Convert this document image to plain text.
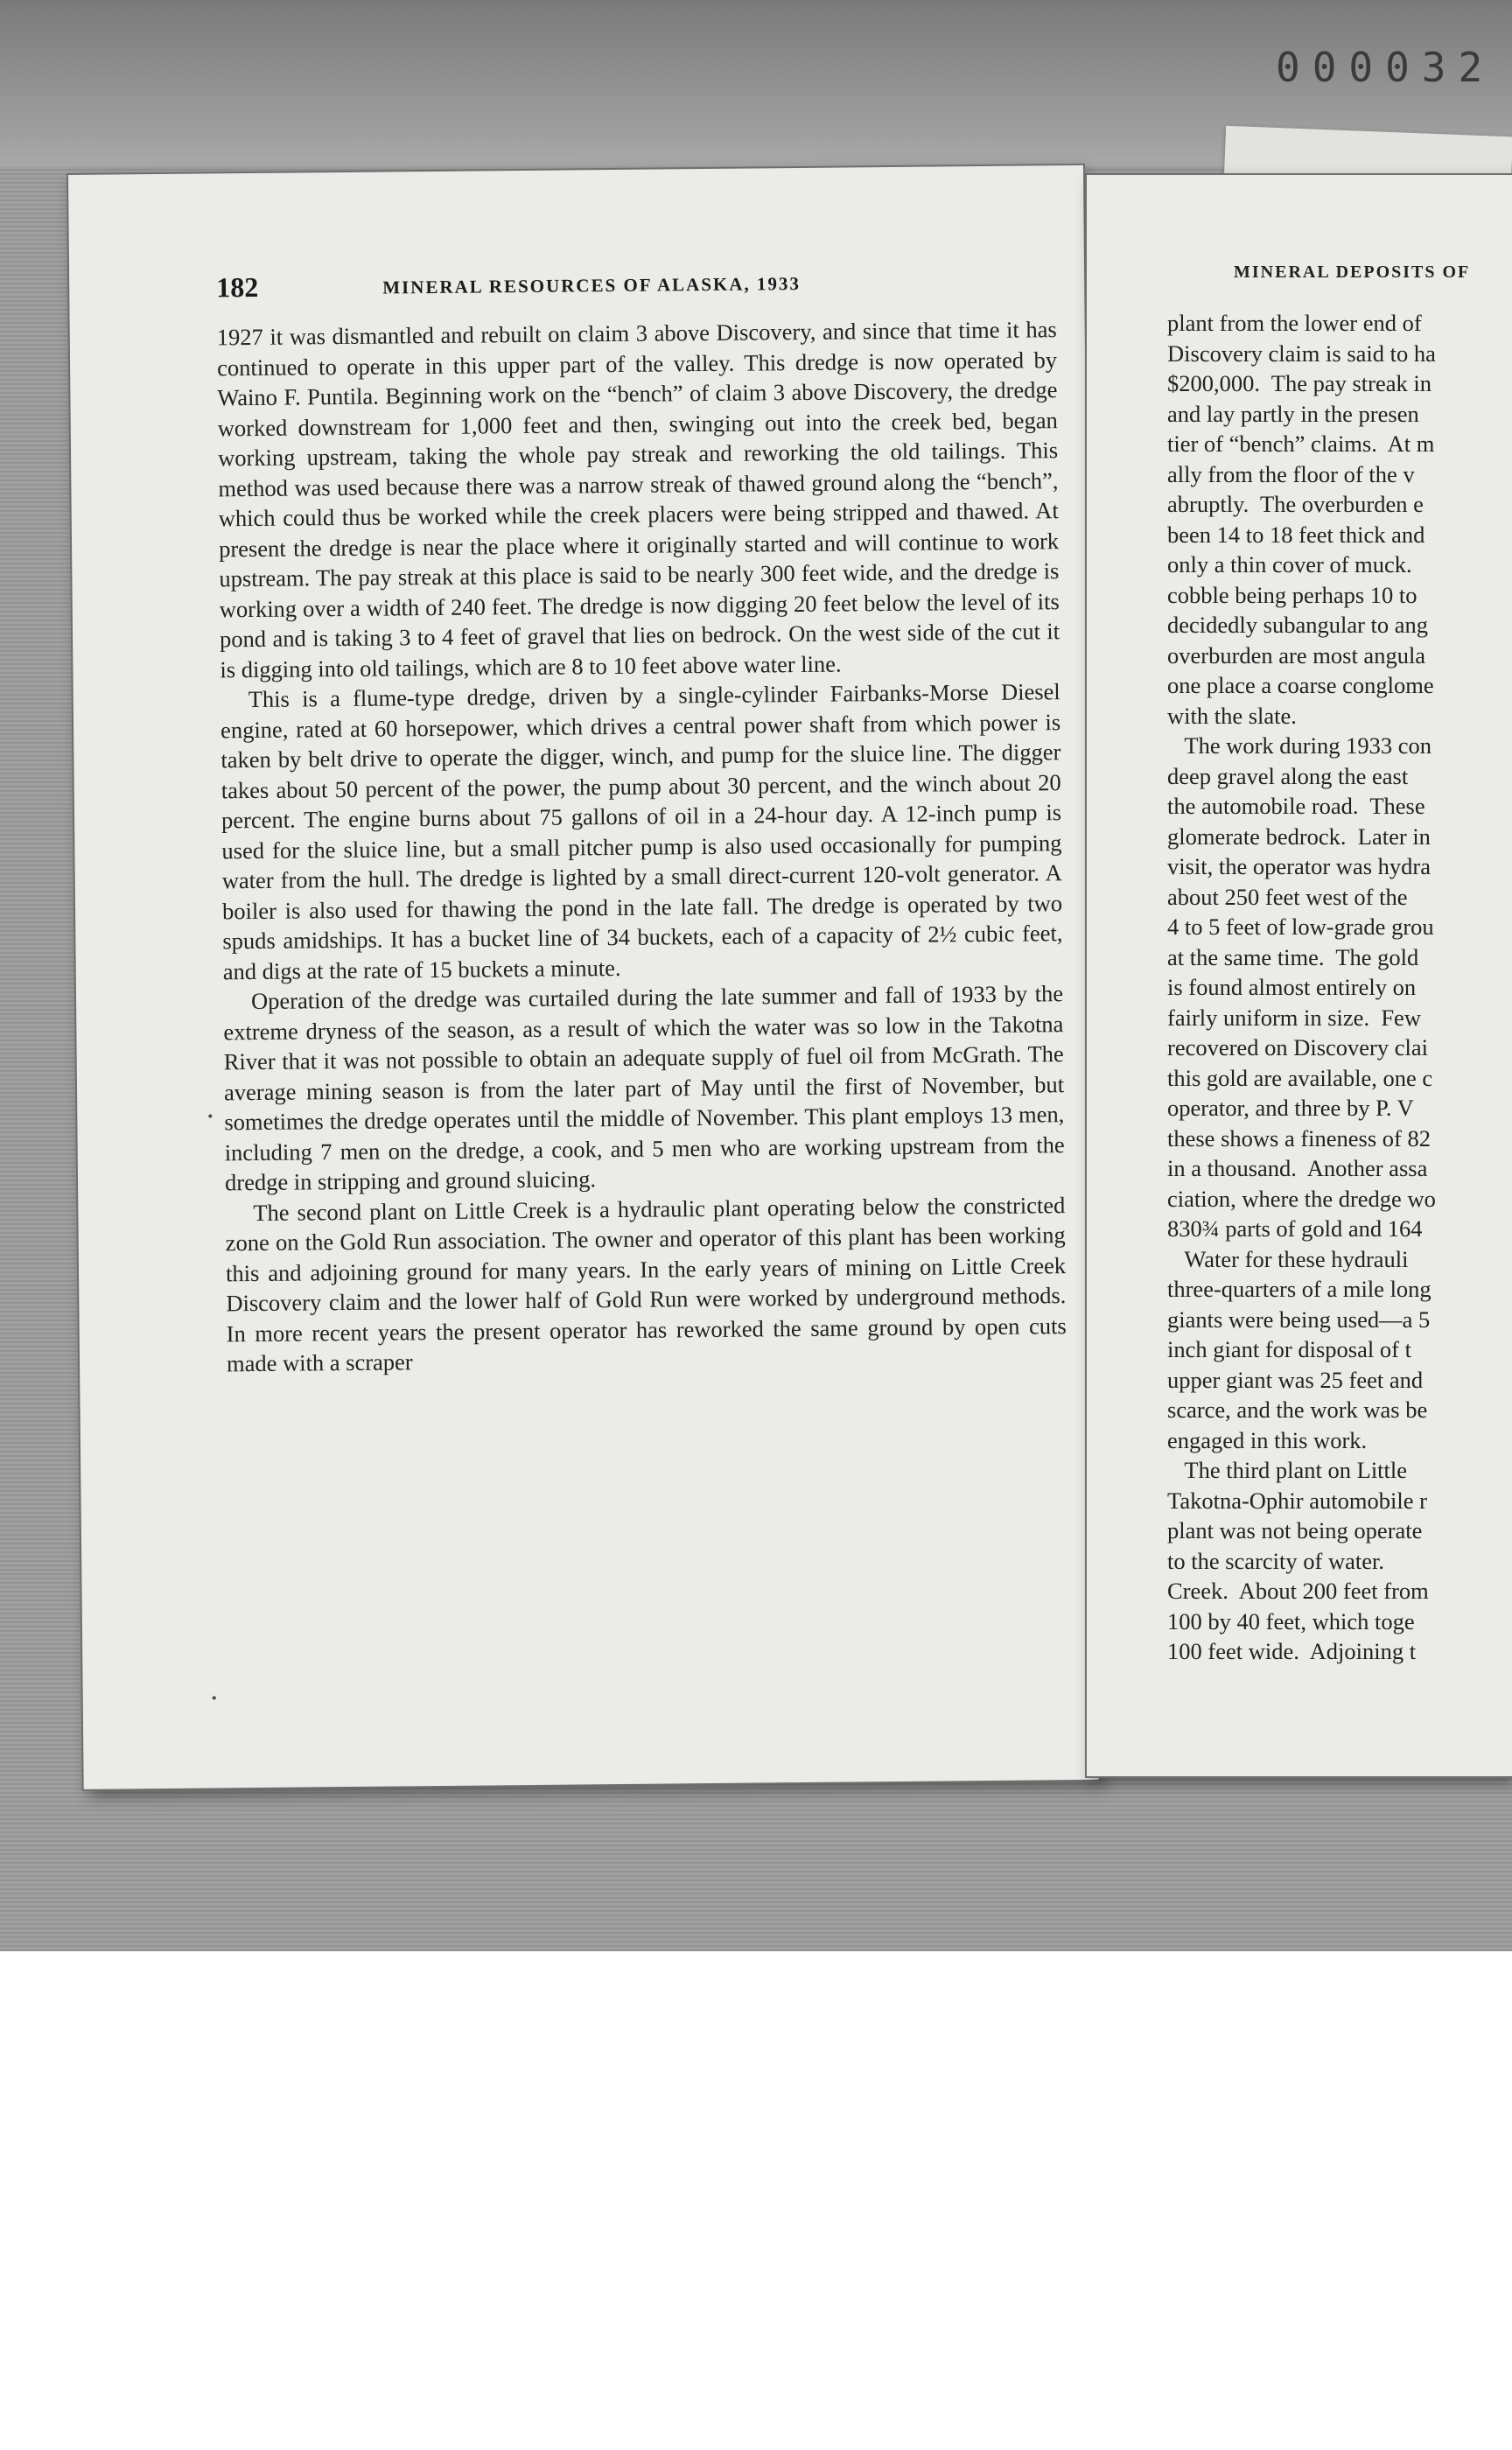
000032
182	MINERAL RESOURCES OF ALASKA, 1933

1927 it was dismantled and rebuilt on claim 3 above Discovery, and since that time it has continued to operate in this upper part of the valley. This dredge is now operated by Waino F. Puntila. Beginning work on the “bench” of claim 3 above Discovery, the dredge worked downstream for 1,000 feet and then, swinging out into the creek bed, began working upstream, taking the whole pay streak and reworking the old tailings. This method was used because there was a narrow streak of thawed ground along the “bench”, which could thus be worked while the creek placers were being stripped and thawed. At present the dredge is near the place where it originally started and will continue to work upstream. The pay streak at this place is said to be nearly 300 feet wide, and the dredge is working over a width of 240 feet. The dredge is now digging 20 feet below the level of its pond and is taking 3 to 4 feet of gravel that lies on bedrock. On the west side of the cut it is digging into old tailings, which are 8 to 10 feet above water line.

This is a flume-type dredge, driven by a single-cylinder Fairbanks-Morse Diesel engine, rated at 60 horsepower, which drives a central power shaft from which power is taken by belt drive to operate the digger, winch, and pump for the sluice line. The digger takes about 50 percent of the power, the pump about 30 percent, and the winch about 20 percent. The engine burns about 75 gallons of oil in a 24-hour day. A 12-inch pump is used for the sluice line, but a small pitcher pump is also used occasionally for pumping water from the hull. The dredge is lighted by a small direct-current 120-volt generator. A boiler is also used for thawing the pond in the late fall. The dredge is operated by two spuds amidships. It has a bucket line of 34 buckets, each of a capacity of 2½ cubic feet, and digs at the rate of 15 buckets a minute.

Operation of the dredge was curtailed during the late summer and fall of 1933 by the extreme dryness of the season, as a result of which the water was so low in the Takotna River that it was not possible to obtain an adequate supply of fuel oil from McGrath. The average mining season is from the later part of May until the first of November, but sometimes the dredge operates until the middle of November. This plant employs 13 men, including 7 men on the dredge, a cook, and 5 men who are working upstream from the dredge in stripping and ground sluicing.

The second plant on Little Creek is a hydraulic plant operating below the constricted zone on the Gold Run association. The owner and operator of this plant has been working this and adjoining ground for many years. In the early years of mining on Little Creek Discovery claim and the lower half of Gold Run were worked by underground methods. In more recent years the present operator has reworked the same ground by open cuts made with a scraper

MINERAL DEPOSITS OF
plant from the lower end of
Discovery claim is said to ha
$200,000.  The pay streak in
and lay partly in the presen
tier of “bench” claims.  At m
ally from the floor of the v
abruptly.  The overburden e
been 14 to 18 feet thick and
only a thin cover of muck.
cobble being perhaps 10 to
decidedly subangular to ang
overburden are most angula
one place a coarse conglome
with the slate.
The work during 1933 con
deep gravel along the east
the automobile road.  These
glomerate bedrock.  Later in
visit, the operator was hydra
about 250 feet west of the
4 to 5 feet of low-grade grou
at the same time.  The gold
is found almost entirely on
fairly uniform in size.  Few
recovered on Discovery clai
this gold are available, one c
operator, and three by P. V
these shows a fineness of 82
in a thousand.  Another assa
ciation, where the dredge wo
830¾ parts of gold and 164
Water for these hydrauli
three-quarters of a mile long
giants were being used—a 5
inch giant for disposal of t
upper giant was 25 feet and
scarce, and the work was be
engaged in this work.
The third plant on Little
Takotna-Ophir automobile r
plant was not being operate
to the scarcity of water.
Creek.  About 200 feet from
100 by 40 feet, which toge
100 feet wide.  Adjoining t
